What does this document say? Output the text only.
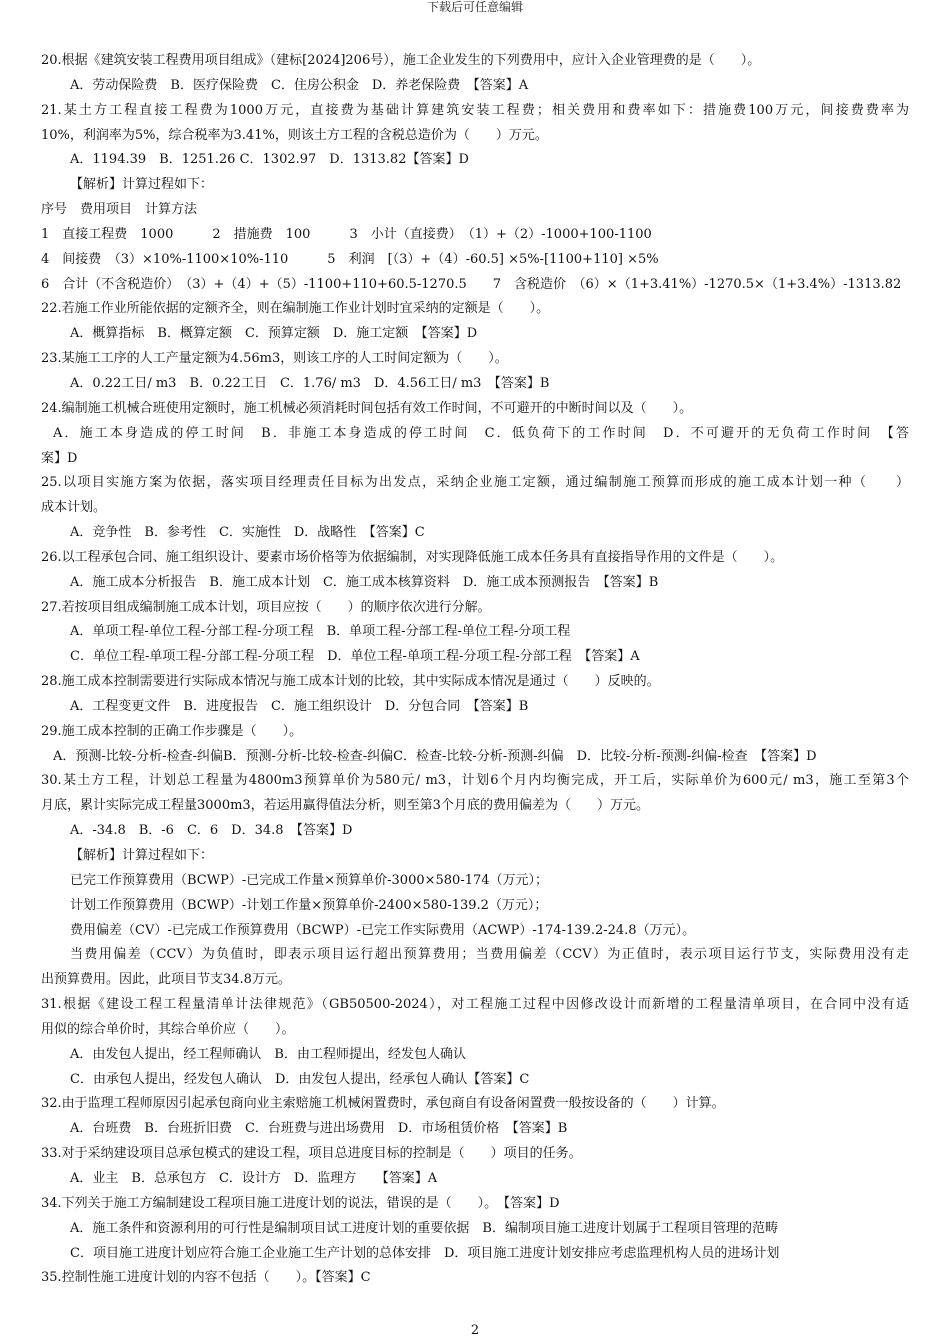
下载后可任意编辑
20.根据《建筑安装工程费用项目组成》（建标[2024]206号），施工企业发生的下列费用中，应计入企业管理费的是（　　）。
A．劳动保险费　B．医疗保险费　C．住房公积金　D．养老保险费　【答案】A
21.某土方工程直接工程费为1000万元，直接费为基础计算建筑安装工程费；相关费用和费率如下：措施费100万元，间接费费率为
10%，利润率为5%，综合税率为3.41%，则该土方工程的含税总造价为（　　）万元。
A．1194.39　B．1251.26 C．1302.97　D．1313.82【答案】D
【解析】计算过程如下：
序号　费用项目　计算方法
1　直接工程费　1000　　　2　措施费　100　　　3　小计（直接费）　（1）+（2）-1000+100-1100
4　间接费　（3）×10%-1100×10%-110　　　5　利润　[（3）+（4）-60.5] ×5%-[1100+110] ×5%
6　合计（不含税造价）　（3）+（4）+（5）-1100+110+60.5-1270.5　　7　含税造价　（6）×（1+3.41%）-1270.5×（1+3.4%）-1313.82
22.若施工作业所能依据的定额齐全，则在编制施工作业计划时宜采纳的定额是（　　）。
A．概算指标　B．概算定额　C．预算定额　D．施工定额　【答案】D
23.某施工工序的人工产量定额为4.56m3，则该工序的人工时间定额为（　　）。
A．0.22工日/ m3　B．0.22工日　C．1.76/ m3　D．4.56工日/ m3　【答案】B
24.编制施工机械合班使用定额时，施工机械必须消耗时间包括有效工作时间，不可避开的中断时间以及（　　）。
A．施工本身造成的停工时间　B．非施工本身造成的停工时间　C．低负荷下的工作时间　D．不可避开的无负荷工作时间　【答
案】D
25.以项目实施方案为依据，落实项目经理责任目标为出发点，采纳企业施工定额，通过编制施工预算而形成的施工成本计划一种（　　）
成本计划。
A．竞争性　B．参考性　C．实施性　D．战略性　【答案】C
26.以工程承包合同、施工组织设计、要素市场价格等为依据编制，对实现降低施工成本任务具有直接指导作用的文件是（　　）。
A．施工成本分析报告　B．施工成本计划　C．施工成本核算资料　D．施工成本预测报告　【答案】B
27.若按项目组成编制施工成本计划，项目应按（　　）的顺序依次进行分解。
A．单项工程-单位工程-分部工程-分项工程　B．单项工程-分部工程-单位工程-分项工程
C．单位工程-单项工程-分部工程-分项工程　D．单位工程-单项工程-分项工程-分部工程　【答案】A
28.施工成本控制需要进行实际成本情况与施工成本计划的比较，其中实际成本情况是通过（　　）反映的。
A．工程变更文件　B．进度报告　C．施工组织设计　D．分包合同　【答案】B
29.施工成本控制的正确工作步骤是（　　）。
A．预测-比较-分析-检查-纠偏B．预测-分析-比较-检查-纠偏C．检查-比较-分析-预测-纠偏　D．比较-分析-预测-纠偏-检查　【答案】D
30.某土方工程，计划总工程量为4800m3预算单价为580元/ m3，计划6个月内均衡完成，开工后，实际单价为600元/ m3，施工至第3个
月底，累计实际完成工程量3000m3，若运用赢得值法分析，则至第3个月底的费用偏差为（　　）万元。
A．-34.8　B．-6　C．6　D．34.8　【答案】D
【解析】计算过程如下：
已完工作预算费用（BCWP）-已完成工作量×预算单价-3000×580-174（万元）；
计划工作预算费用（BCWP）-计划工作量×预算单价-2400×580-139.2（万元）；
费用偏差（CV）-已完成工作预算费用（BCWP）-已完工作实际费用（ACWP）-174-139.2-24.8（万元）。
当费用偏差（CCV）为负值时，即表示项目运行超出预算费用；当费用偏差（CCV）为正值时，表示项目运行节支，实际费用没有走
出预算费用。因此，此项目节支34.8万元。
31.根据《建设工程工程量清单计法律规范》（GB50500-2024），对工程施工过程中因修改设计而新增的工程量清单项目，在合同中没有适
用似的综合单价时，其综合单价应（　　）。
A．由发包人提出，经工程师确认　B．由工程师提出，经发包人确认
C．由承包人提出，经发包人确认　D．由发包人提出，经承包人确认【答案】C
32.由于监理工程师原因引起承包商向业主索赔施工机械闲置费时，承包商自有设备闲置费一般按设备的（　　）计算。
A．台班费　B．台班折旧费　C．台班费与进出场费用　D．市场租赁价格　【答案】B
33.对于采纳建设项目总承包模式的建设工程，项目总进度目标的控制是（　　）项目的任务。
A．业主　B．总承包方　C．设计方　D．监理方　　【答案】A
34.下列关于施工方编制建设工程项目施工进度计划的说法，错误的是（　　）。　【答案】D
A．施工条件和资源利用的可行性是编制项目试工进度计划的重要依据　B．编制项目施工进度计划属于工程项目管理的范畴
C．项目施工进度计划应符合施工企业施工生产计划的总体安排　D．项目施工进度计划安排应考虑监理机构人员的进场计划
35.控制性施工进度计划的内容不包括（　　）。【答案】C
2
